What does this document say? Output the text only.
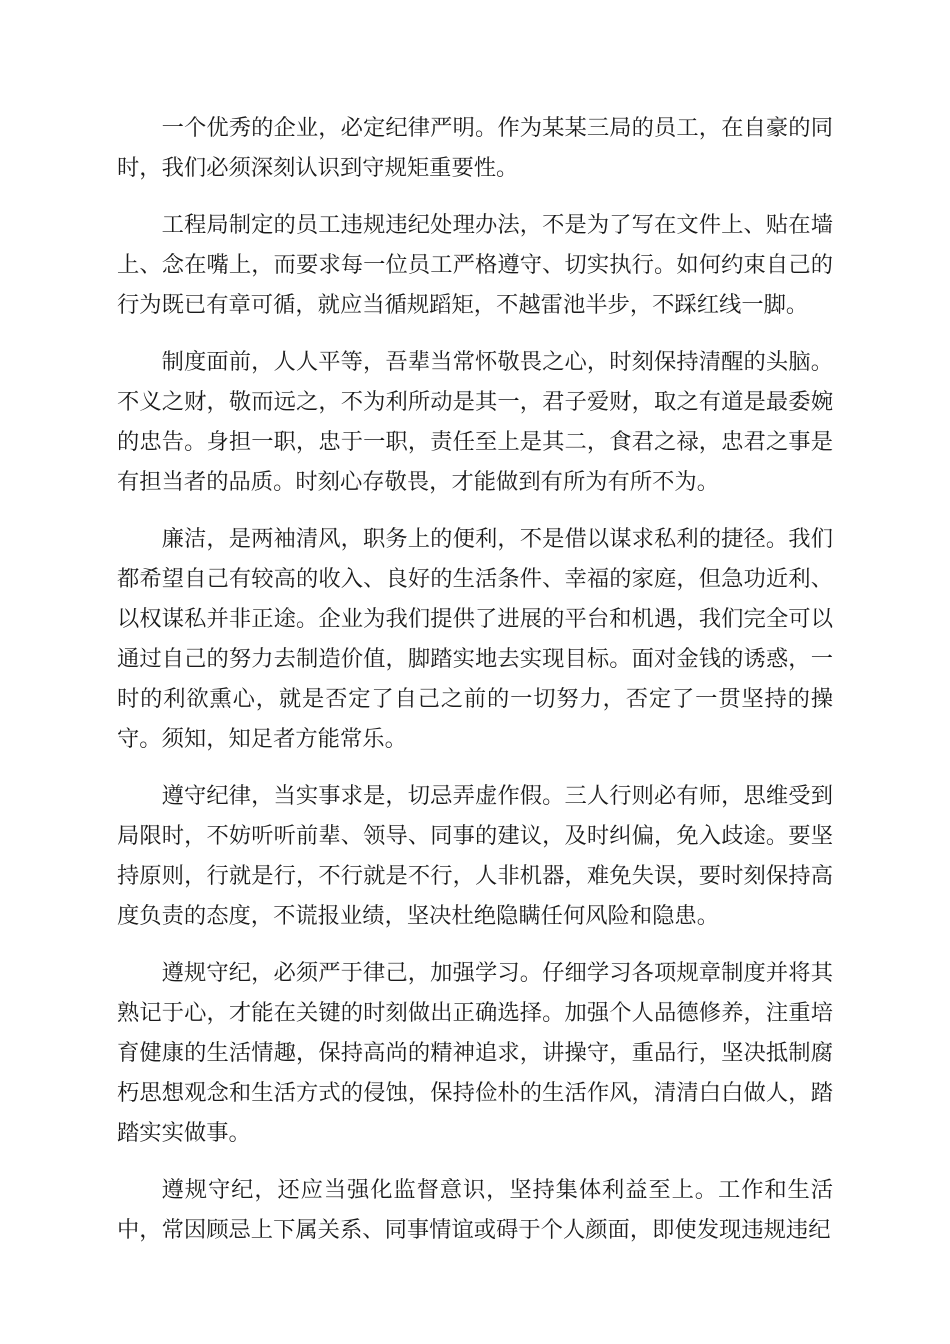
一个优秀的企业，必定纪律严明。作为某某三局的员工，在自豪的同时，我们必须深刻认识到守规矩重要性。

工程局制定的员工违规违纪处理办法，不是为了写在文件上、贴在墙上、念在嘴上，而要求每一位员工严格遵守、切实执行。如何约束自己的行为既已有章可循，就应当循规蹈矩，不越雷池半步，不踩红线一脚。

制度面前，人人平等，吾辈当常怀敬畏之心，时刻保持清醒的头脑。不义之财，敬而远之，不为利所动是其一，君子爱财，取之有道是最委婉的忠告。身担一职，忠于一职，责任至上是其二，食君之禄，忠君之事是有担当者的品质。时刻心存敬畏，才能做到有所为有所不为。

廉洁，是两袖清风，职务上的便利，不是借以谋求私利的捷径。我们都希望自己有较高的收入、良好的生活条件、幸福的家庭，但急功近利、以权谋私并非正途。企业为我们提供了进展的平台和机遇，我们完全可以通过自己的努力去制造价值，脚踏实地去实现目标。面对金钱的诱惑，一时的利欲熏心，就是否定了自己之前的一切努力，否定了一贯坚持的操守。须知，知足者方能常乐。

遵守纪律，当实事求是，切忌弄虚作假。三人行则必有师，思维受到局限时，不妨听听前辈、领导、同事的建议，及时纠偏，免入歧途。要坚持原则，行就是行，不行就是不行，人非机器，难免失误，要时刻保持高度负责的态度，不谎报业绩，坚决杜绝隐瞒任何风险和隐患。

遵规守纪，必须严于律己，加强学习。仔细学习各项规章制度并将其熟记于心，才能在关键的时刻做出正确选择。加强个人品德修养，注重培育健康的生活情趣，保持高尚的精神追求，讲操守，重品行，坚决抵制腐朽思想观念和生活方式的侵蚀，保持俭朴的生活作风，清清白白做人，踏踏实实做事。

遵规守纪，还应当强化监督意识，坚持集体利益至上。工作和生活中，常因顾忌上下属关系、同事情谊或碍于个人颜面，即使发现违规违纪
